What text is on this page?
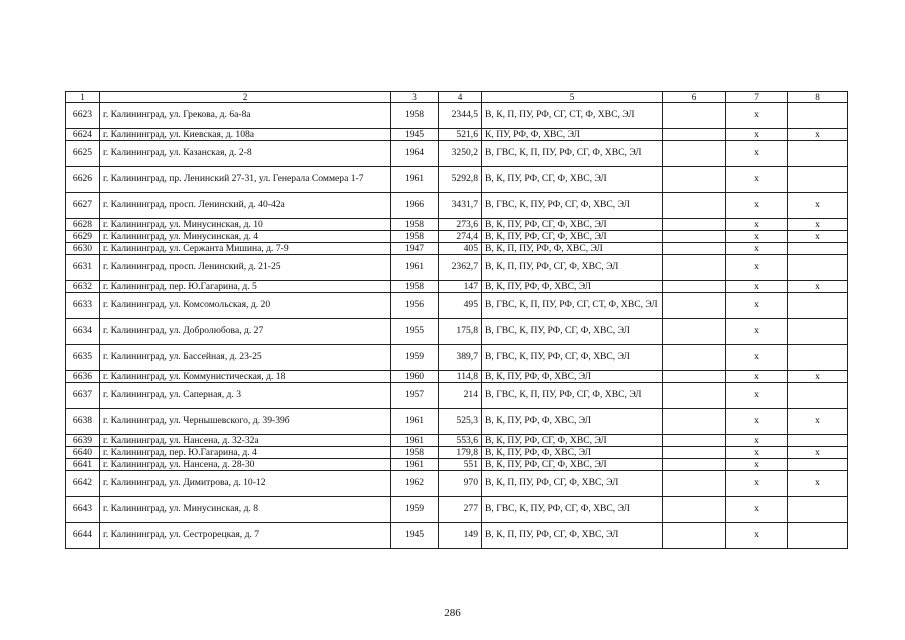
1	2	3	4	5	6	7	8
6623	г. Калининград, ул. Грекова, д. 6а-8а	1958	2344,5	В, К, П, ПУ, РФ, СГ, СТ, Ф, ХВС, ЭЛ		х	
6624	г. Калининград, ул. Киевская, д. 108а	1945	521,6	К, ПУ, РФ, Ф, ХВС, ЭЛ		х	х
6625	г. Калининград, ул. Казанская, д. 2-8	1964	3250,2	В, ГВС, К, П, ПУ, РФ, СГ, Ф, ХВС, ЭЛ		х	
6626	г. Калининград, пр. Ленинский 27-31, ул. Генерала Соммера 1-7	1961	5292,8	В, К, ПУ, РФ, СГ, Ф, ХВС, ЭЛ		х	
6627	г. Калининград, просп. Ленинский, д. 40-42а	1966	3431,7	В, ГВС, К, ПУ, РФ, СГ, Ф, ХВС, ЭЛ		х	х
6628	г. Калининград, ул. Минусинская, д. 10	1958	273,6	В, К, ПУ, РФ, СГ, Ф, ХВС, ЭЛ		х	х
6629	г. Калининград, ул. Минусинская, д. 4	1958	274,4	В, К, ПУ, РФ, СГ, Ф, ХВС, ЭЛ		х	х
6630	г. Калининград, ул. Сержанта Мишина, д. 7-9	1947	405	В, К, П, ПУ, РФ, Ф, ХВС, ЭЛ		х	
6631	г. Калининград, просп. Ленинский, д. 21-25	1961	2362,7	В, К, П, ПУ, РФ, СГ, Ф, ХВС, ЭЛ		х	
6632	г. Калининград, пер. Ю.Гагарина, д. 5	1958	147	В, К, ПУ, РФ, Ф, ХВС, ЭЛ		х	х
6633	г. Калининград, ул. Комсомольская, д. 20	1956	495	В, ГВС, К, П, ПУ, РФ, СГ, СТ, Ф, ХВС, ЭЛ		х	
6634	г. Калининград, ул. Добролюбова, д. 27	1955	175,8	В, ГВС, К, ПУ, РФ, СГ, Ф, ХВС, ЭЛ		х	
6635	г. Калининград, ул. Бассейная, д. 23-25	1959	389,7	В, ГВС, К, ПУ, РФ, СГ, Ф, ХВС, ЭЛ		х	
6636	г. Калининград, ул. Коммунистическая, д. 18	1960	114,8	В, К, ПУ, РФ, Ф, ХВС, ЭЛ		х	х
6637	г. Калининград, ул. Саперная, д. 3	1957	214	В, ГВС, К, П, ПУ, РФ, СГ, Ф, ХВС, ЭЛ		х	
6638	г. Калининград, ул. Чернышевского, д. 39-39б	1961	525,3	В, К, ПУ, РФ, Ф, ХВС, ЭЛ		х	х
6639	г. Калининград, ул. Нансена, д. 32-32а	1961	553,6	В, К, ПУ, РФ, СГ, Ф, ХВС, ЭЛ		х	
6640	г. Калининград, пер. Ю.Гагарина, д. 4	1958	179,8	В, К, ПУ, РФ, Ф, ХВС, ЭЛ		х	х
6641	г. Калининград, ул. Нансена, д. 28-30	1961	551	В, К, ПУ, РФ, СГ, Ф, ХВС, ЭЛ		х	
6642	г. Калининград, ул. Димитрова, д. 10-12	1962	970	В, К, П, ПУ, РФ, СГ, Ф, ХВС, ЭЛ		х	х
6643	г. Калининград, ул. Минусинская, д. 8	1959	277	В, ГВС, К, ПУ, РФ, СГ, Ф, ХВС, ЭЛ		х	
6644	г. Калининград, ул. Сестрорецкая, д. 7	1945	149	В, К, П, ПУ, РФ, СГ, Ф, ХВС, ЭЛ		х	
286
